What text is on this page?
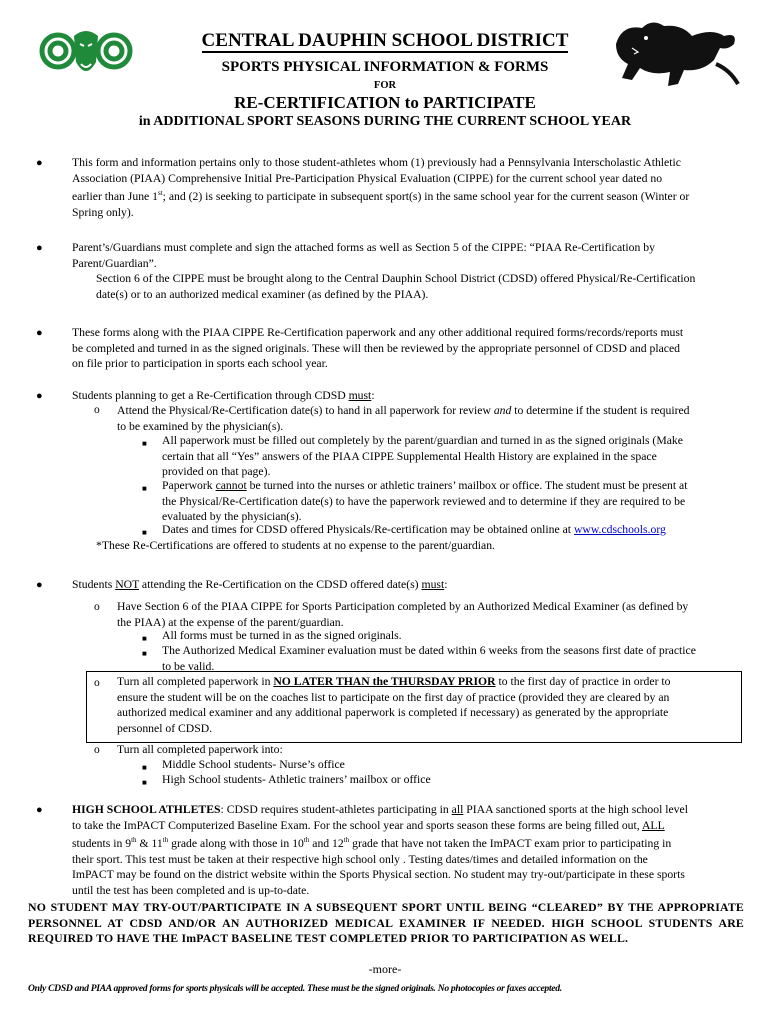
CENTRAL DAUPHIN SCHOOL DISTRICT
SPORTS PHYSICAL INFORMATION & FORMS
FOR
RE-CERTIFICATION to PARTICIPATE
in ADDITIONAL SPORT SEASONS DURING THE CURRENT SCHOOL YEAR
●	This form and information pertains only to those student-athletes whom (1) previously had a Pennsylvania Interscholastic Athletic
Association (PIAA) Comprehensive Initial Pre-Participation Physical Evaluation (CIPPE) for the current school year dated no
earlier than June 1st; and (2) is seeking to participate in subsequent sport(s) in the same school year for the current season (Winter or
Spring only).
●	Parent’s/Guardians must complete and sign the attached forms as well as Section 5 of the CIPPE: “PIAA Re-Certification by
Parent/Guardian”.
Section 6 of the CIPPE must be brought along to the Central Dauphin School District (CDSD) offered Physical/Re-Certification
date(s) or to an authorized medical examiner (as defined by the PIAA).
●	These forms along with the PIAA CIPPE Re-Certification paperwork and any other additional required forms/records/reports must
be completed and turned in as the signed originals. These will then be reviewed by the appropriate personnel of CDSD and placed
on file prior to participation in sports each school year.
●	Students planning to get a Re-Certification through CDSD must:
o Attend the Physical/Re-Certification date(s) to hand in all paperwork for review and to determine if the student is required
to be examined by the physician(s).
■ All paperwork must be filled out completely by the parent/guardian and turned in as the signed originals (Make
certain that all “Yes” answers of the PIAA CIPPE Supplemental Health History are explained in the space
provided on that page).
■ Paperwork cannot be turned into the nurses or athletic trainers’ mailbox or office. The student must be present at
the Physical/Re-Certification date(s) to have the paperwork reviewed and to determine if they are required to be
evaluated by the physician(s).
■ Dates and times for CDSD offered Physicals/Re-certification may be obtained online at www.cdschools.org
*These Re-Certifications are offered to students at no expense to the parent/guardian.
●	Students NOT attending the Re-Certification on the CDSD offered date(s) must:
o Have Section 6 of the PIAA CIPPE for Sports Participation completed by an Authorized Medical Examiner (as defined by
the PIAA) at the expense of the parent/guardian.
■ All forms must be turned in as the signed originals.
■ The Authorized Medical Examiner evaluation must be dated within 6 weeks from the seasons first date of practice
to be valid.
o Turn all completed paperwork in NO LATER THAN the THURSDAY PRIOR to the first day of practice in order to
ensure the student will be on the coaches list to participate on the first day of practice (provided they are cleared by an
authorized medical examiner and any additional paperwork is completed if necessary) as generated by the appropriate
personnel of CDSD.
o Turn all completed paperwork into:
■ Middle School students- Nurse’s office
■ High School students- Athletic trainers’ mailbox or office
●	HIGH SCHOOL ATHLETES: CDSD requires student-athletes participating in all PIAA sanctioned sports at the high school level
to take the ImPACT Computerized Baseline Exam. For the school year and sports season these forms are being filled out, ALL
students in 9th & 11th grade along with those in 10th and 12th grade that have not taken the ImPACT exam prior to participating in
their sport. This test must be taken at their respective high school only . Testing dates/times and detailed information on the
ImPACT may be found on the district website within the Sports Physical section. No student may try-out/participate in these sports
until the test has been completed and is up-to-date.
NO STUDENT MAY TRY-OUT/PARTICIPATE IN A SUBSEQUENT SPORT UNTIL BEING “CLEARED” BY THE APPROPRIATE PERSONNEL AT CDSD AND/OR AN AUTHORIZED MEDICAL EXAMINER IF NEEDED. HIGH SCHOOL STUDENTS ARE REQUIRED TO HAVE THE ImPACT BASELINE TEST COMPLETED PRIOR TO PARTICIPATION AS WELL.
-more-
Only CDSD and PIAA approved forms for sports physicals will be accepted. These must be the signed originals. No photocopies or faxes accepted.
